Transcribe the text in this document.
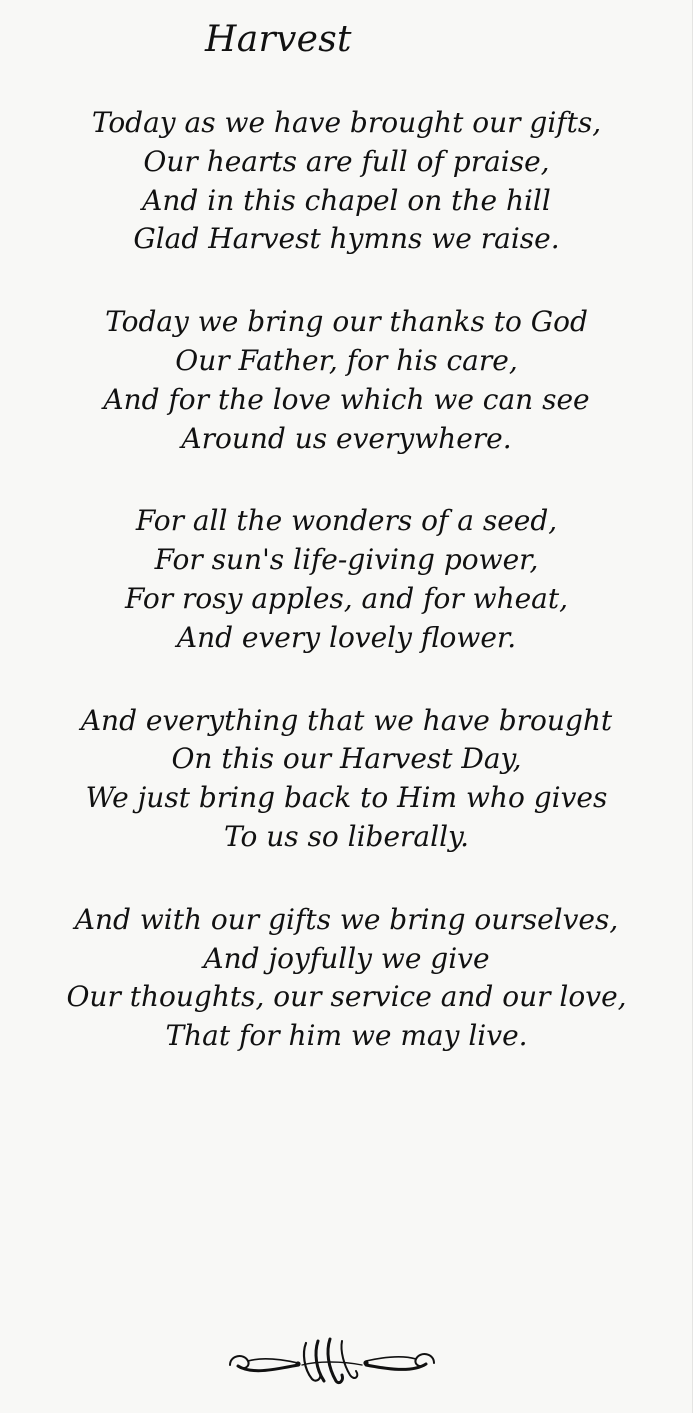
Harvest
Today as we have brought our gifts,
Our hearts are full of praise,
And in this chapel on the hill
Glad Harvest hymns we raise.
Today we bring our thanks to God
Our Father, for his care,
And for the love which we can see
Around us everywhere.
For all the wonders of a seed,
For sun's life-giving power,
For rosy apples, and for wheat,
And every lovely flower.
And everything that we have brought
On this our Harvest Day,
We just bring back to Him who gives
To us so liberally.
And with our gifts we bring ourselves,
And joyfully we give
Our thoughts, our service and our love,
That for him we may live.
